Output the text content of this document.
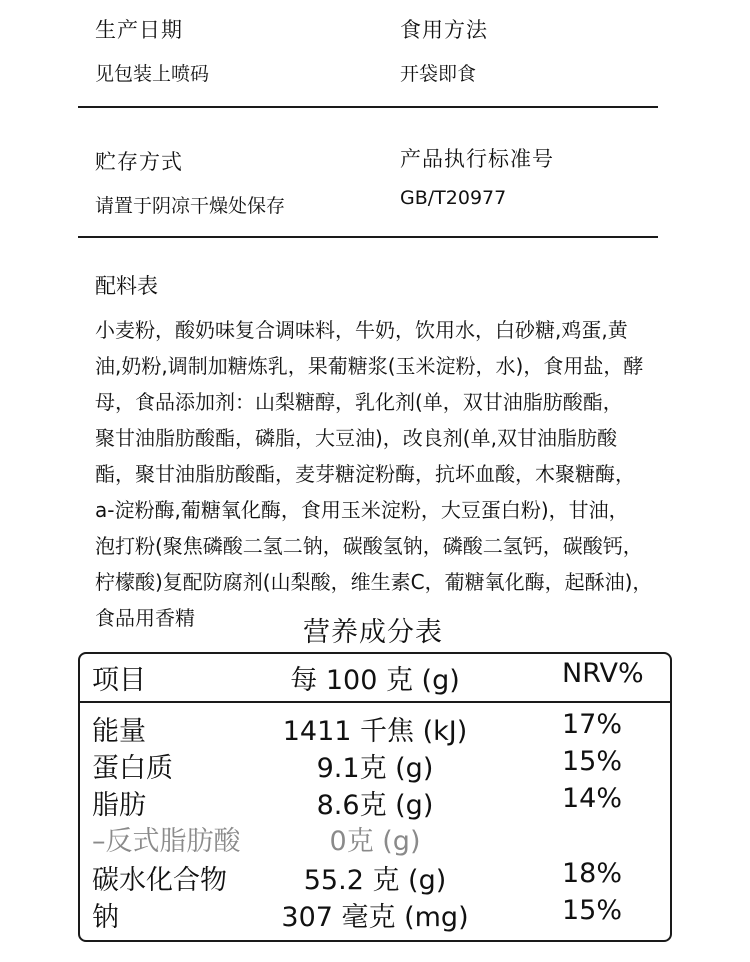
生产日期
见包装上喷码
食用方法
开袋即食
贮存方式
请置于阴凉干燥处保存
产品执行标准号
GB/T20977
配料表
小麦粉，酸奶味复合调味料，牛奶，饮用水，白砂糖,鸡蛋,黄
油,奶粉,调制加糖炼乳，果葡糖浆(玉米淀粉，水)，食用盐，酵
母，食品添加剂：山梨糖醇，乳化剂(单，双甘油脂肪酸酯，
聚甘油脂肪酸酯，磷脂，大豆油)，改良剂(单,双甘油脂肪酸
酯，聚甘油脂肪酸酯，麦芽糖淀粉酶，抗坏血酸，木聚糖酶，
a-淀粉酶,葡糖氧化酶，食用玉米淀粉，大豆蛋白粉)，甘油，
泡打粉(聚焦磷酸二氢二钠，碳酸氢钠，磷酸二氢钙，碳酸钙，
柠檬酸)复配防腐剂(山梨酸，维生素C，葡糖氧化酶，起酥油)，
食品用香精	营养成分表
项目	每 100 克 (g)	NRV%
能量	1411 千焦 (kJ)	17%
蛋白质	9.1克 (g)	15%
脂肪	8.6克 (g)	14%
–反式脂肪酸	0克 (g)
碳水化合物	55.2 克 (g)	18%
钠	307 毫克 (mg)	15%
